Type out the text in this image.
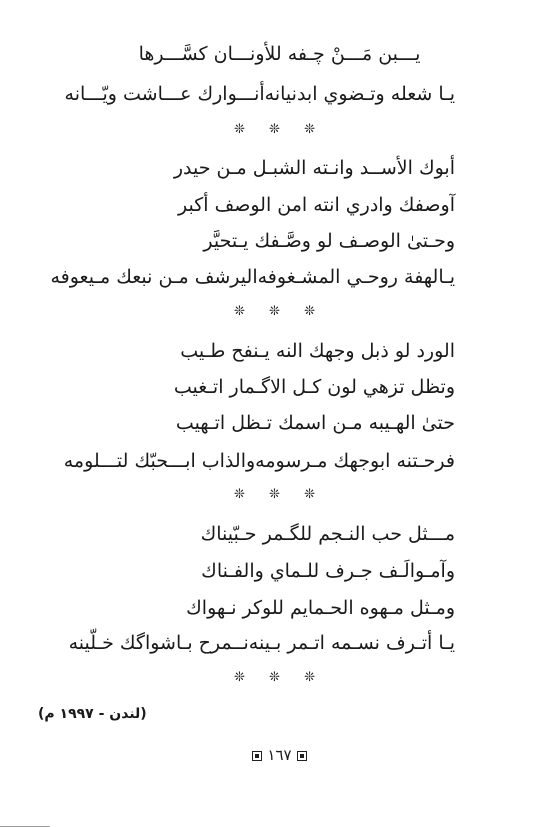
يـــبن مَـــنْ چـفه للأونـــان كسَّـــرها
يـا شعله وتـضوي ابدنيانه
أنـــوارك عـــاشت ويّـــانه
❊ ❊ ❊
أبوك الأســد وانـته الشبـل مـن حيدر
آوصفك وادري انته امن الوصف أكبر
وحـتىٰ الوصـف لو وصَّـفك يـتحيَّر
يـالهفة روحـي المشـغوفه
اليرشف مـن نبعك مـيعوفه
❊ ❊ ❊
الورد لو ذبل وجهك النه يـنفح طـيب
وتظل تزهي لون كـل الاگـمار اتـغيب
حتىٰ الهـيبه مـن اسمك تـظل اتـهيب
فرحـتنه ابوجهك مـرسومه
والذاب ابـــحبّك لتـــلومه
❊ ❊ ❊
مـــثل حب النـجم للگـمر حـبّيناك
وآمـوالَـف جـرف للـماي والفـناك
ومـثل مـهوه الحـمايم للوكر نـهواك
يـا أتـرف نسـمه اتـمر بـينه
نــمرح بـاشواگك خـلّينه
❊ ❊ ❊
(لندن - ١٩٩٧ م)
١٦٧
